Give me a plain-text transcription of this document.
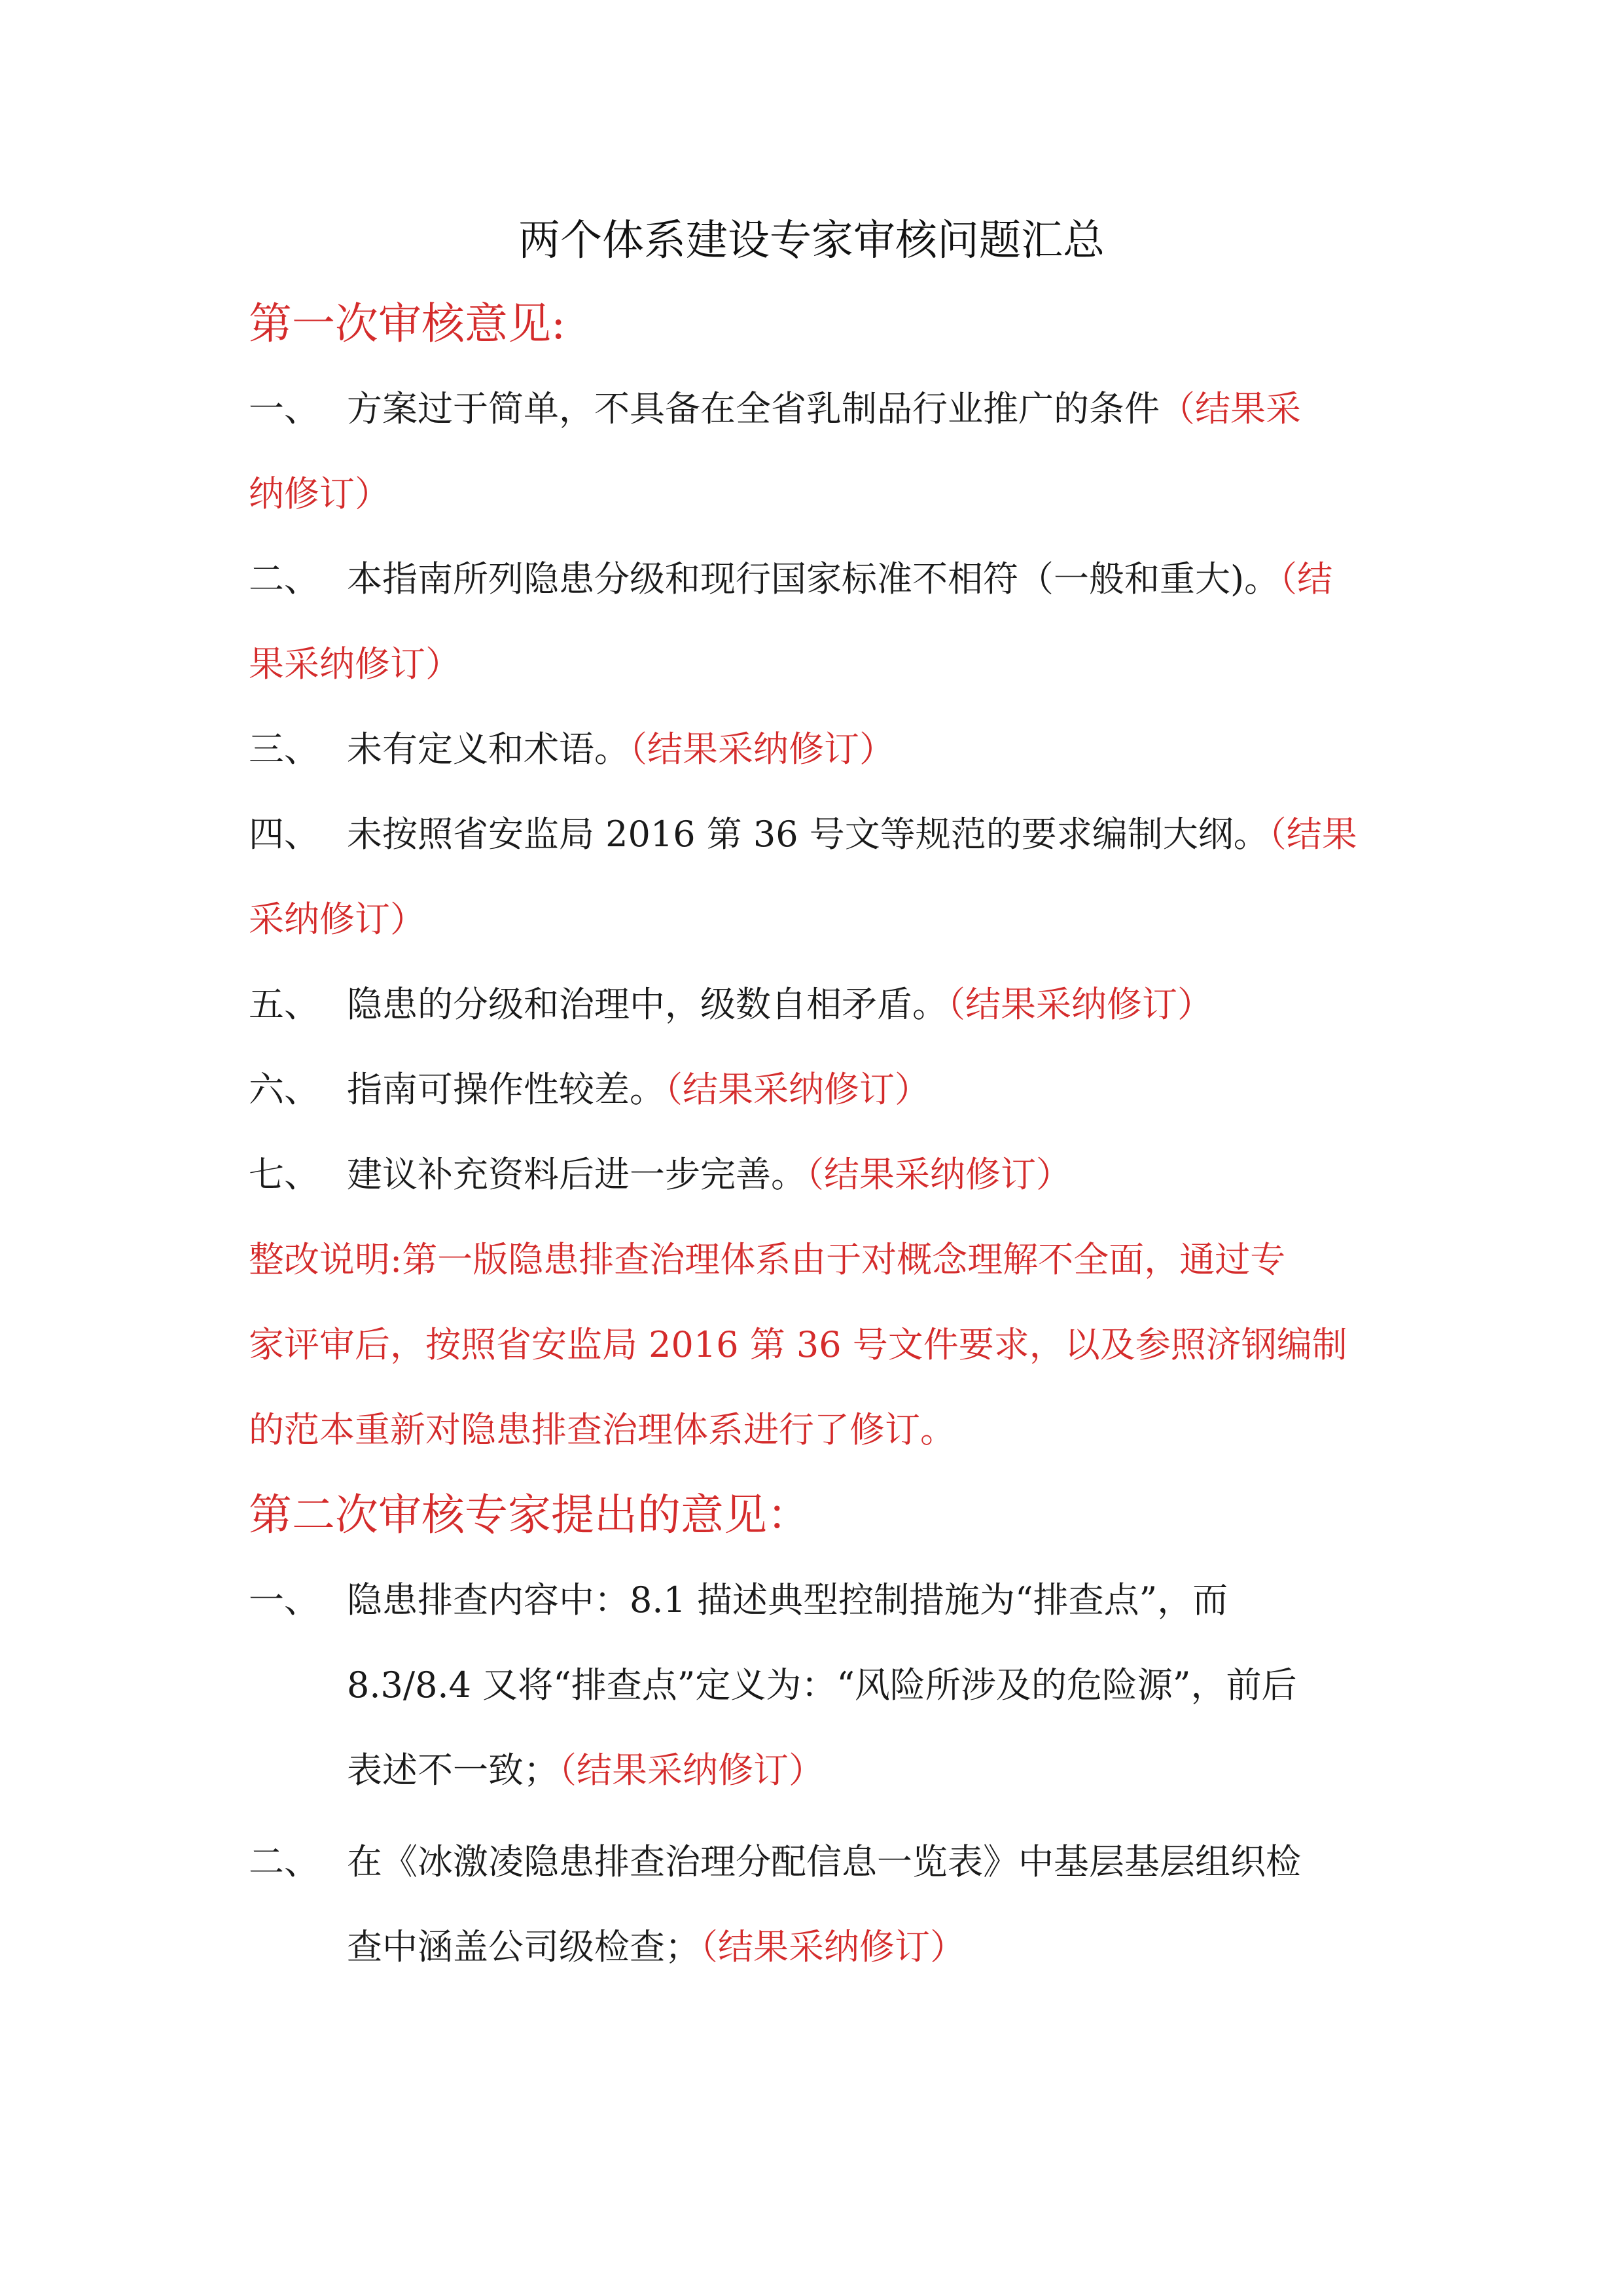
两个体系建设专家审核问题汇总
第一次审核意见:
一、 方案过于简单，不具备在全省乳制品行业推广的条件（结果采
纳修订）
二、 本指南所列隐患分级和现行国家标准不相符（一般和重大)。（结
果采纳修订）
三、 未有定义和术语。（结果采纳修订）
四、 未按照省安监局 2016 第 36 号文等规范的要求编制大纲。（结果
采纳修订）
五、 隐患的分级和治理中，级数自相矛盾。（结果采纳修订）
六、 指南可操作性较差。（结果采纳修订）
七、 建议补充资料后进一步完善。（结果采纳修订）
整改说明:第一版隐患排查治理体系由于对概念理解不全面，通过专
家评审后，按照省安监局 2016 第 36 号文件要求，以及参照济钢编制
的范本重新对隐患排查治理体系进行了修订。
第二次审核专家提出的意见：
一、 隐患排查内容中：8.1 描述典型控制措施为“排查点”，而
8.3/8.4 又将“排查点”定义为：“风险所涉及的危险源”，前后
表述不一致；（结果采纳修订）
二、 在《冰激凌隐患排查治理分配信息一览表》中基层基层组织检
查中涵盖公司级检查；（结果采纳修订）
